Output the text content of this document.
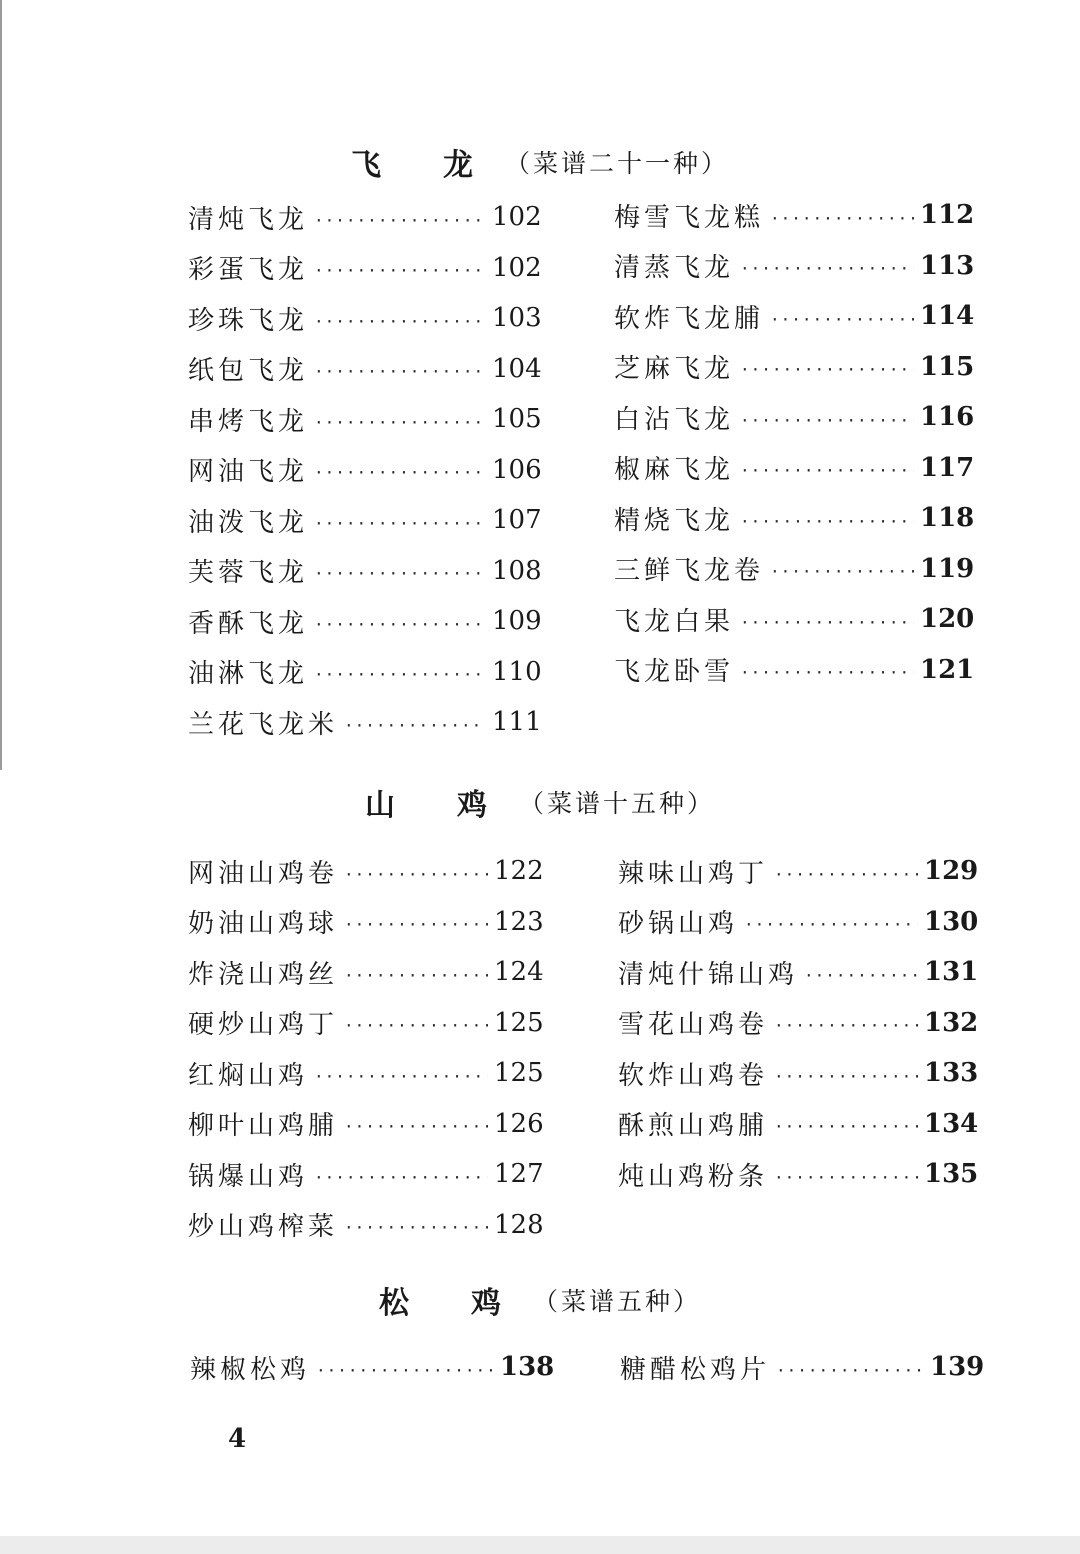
飞龙
（菜谱二十一种）
清炖飞龙 ·····	102
彩蛋飞龙 ·····	102
珍珠飞龙 ·····	103
纸包飞龙 ·····	104
串烤飞龙 ·····	105
网油飞龙 ·····	106
油泼飞龙 ·····	107
芙蓉飞龙 ·····	108
香酥飞龙 ·····	109
油淋飞龙 ·····	110
兰花飞龙米 ·····	111
梅雪飞龙糕 ·····	112
清蒸飞龙 ·····	113
软炸飞龙脯 ·····	114
芝麻飞龙 ·····	115
白沾飞龙 ·····	116
椒麻飞龙 ·····	117
精烧飞龙 ·····	118
三鲜飞龙卷 ·····	119
飞龙白果 ·····	120
飞龙卧雪 ·····	121
山鸡
（菜谱十五种）
网油山鸡卷 ·····	122
奶油山鸡球 ·····	123
炸浇山鸡丝 ·····	124
硬炒山鸡丁 ·····	125
红焖山鸡 ·····	125
柳叶山鸡脯 ·····	126
锅爆山鸡 ·····	127
炒山鸡榨菜 ·····	128
辣味山鸡丁 ·····	129
砂锅山鸡 ·····	130
清炖什锦山鸡 ·····	131
雪花山鸡卷 ·····	132
软炸山鸡卷 ·····	133
酥煎山鸡脯 ·····	134
炖山鸡粉条 ·····	135
松鸡
（菜谱五种）
辣椒松鸡 ·····	138	糖醋松鸡片 ·····	139
4
